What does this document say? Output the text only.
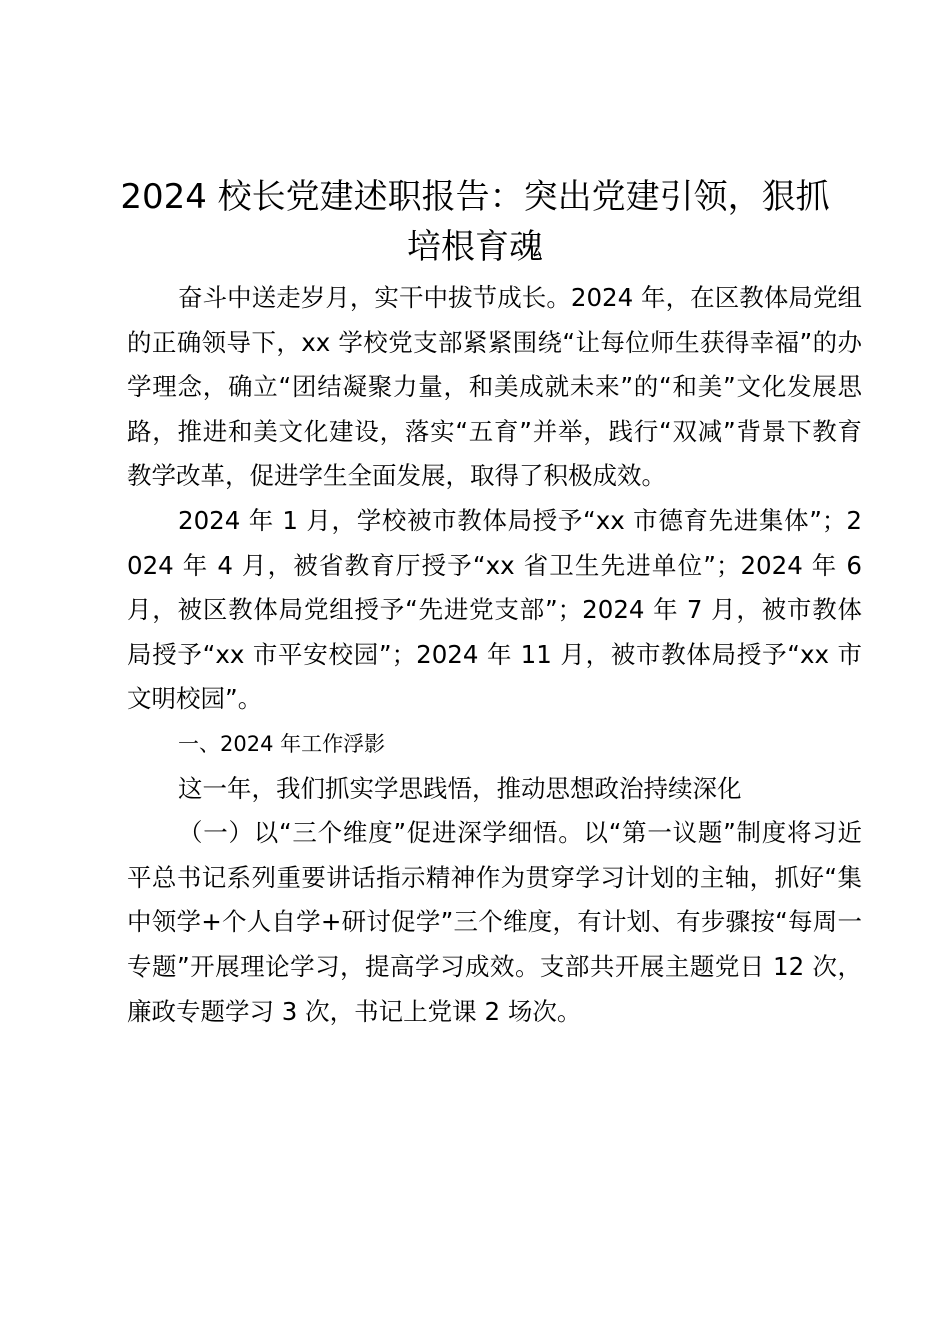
2024 校长党建述职报告：突出党建引领，狠抓培根育魂

奋斗中送走岁月，实干中拔节成长。2024 年，在区教体局党组的正确领导下，xx 学校党支部紧紧围绕“让每位师生获得幸福”的办学理念，确立“团结凝聚力量，和美成就未来”的“和美”文化发展思路，推进和美文化建设，落实“五育”并举，践行“双减”背景下教育教学改革，促进学生全面发展，取得了积极成效。

2024 年 1 月，学校被市教体局授予“xx 市德育先进集体”；2024 年 4 月，被省教育厅授予“xx 省卫生先进单位”；2024 年 6 月，被区教体局党组授予“先进党支部”；2024 年 7 月，被市教体局授予“xx 市平安校园”；2024 年 11 月，被市教体局授予“xx 市文明校园”。

一、2024 年工作浮影

这一年，我们抓实学思践悟，推动思想政治持续深化

（一）以“三个维度”促进深学细悟。以“第一议题”制度将习近平总书记系列重要讲话指示精神作为贯穿学习计划的主轴，抓好“集中领学+个人自学+研讨促学”三个维度，有计划、有步骤按“每周一专题”开展理论学习，提高学习成效。支部共开展主题党日 12 次，廉政专题学习 3 次，书记上党课 2 场次。
